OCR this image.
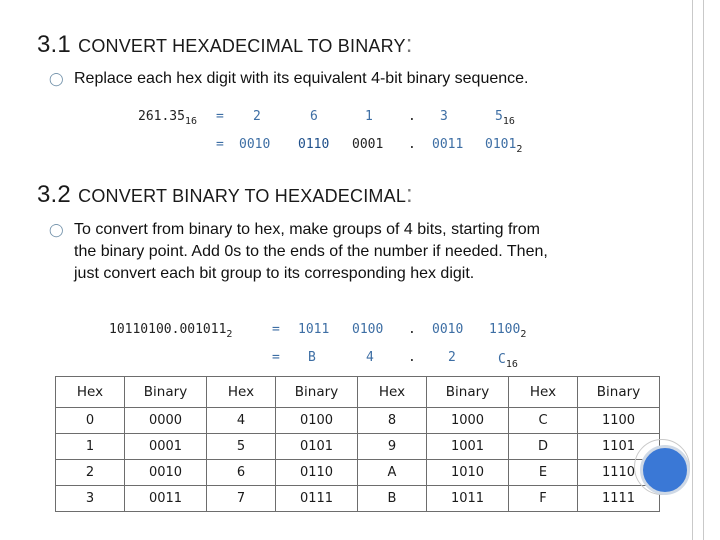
3.1 CONVERT HEXADECIMAL TO BINARY:
◯ Replace each hex digit with its equivalent 4-bit binary sequence.
$261.35_{16} = 2$	6	1	. 3	$5_{16}$
= 0010 0110 0001 . 0011 $0101_2$
3.2 CONVERT BINARY TO HEXADECIMAL:
◯ To convert from binary to hex, make groups of 4 bits, starting from
the binary point. Add 0s to the ends of the number if needed. Then,
just convert each bit group to its corresponding hex digit.
$10110100.001011_2$	= 1011 0100 . 0010 $1100_2$
= B	4	. 2	$C_{16}$
Hex	Binary	Hex	Binary	Hex	Binary	Hex	Binary
0	0000	4	0100	8	1000	C	1100
1	0001	5	0101	9	1001	D	1101
2	0010	6	0110	A	1010	E	1110
3	0011	7	0111	B	1011	F	1111
